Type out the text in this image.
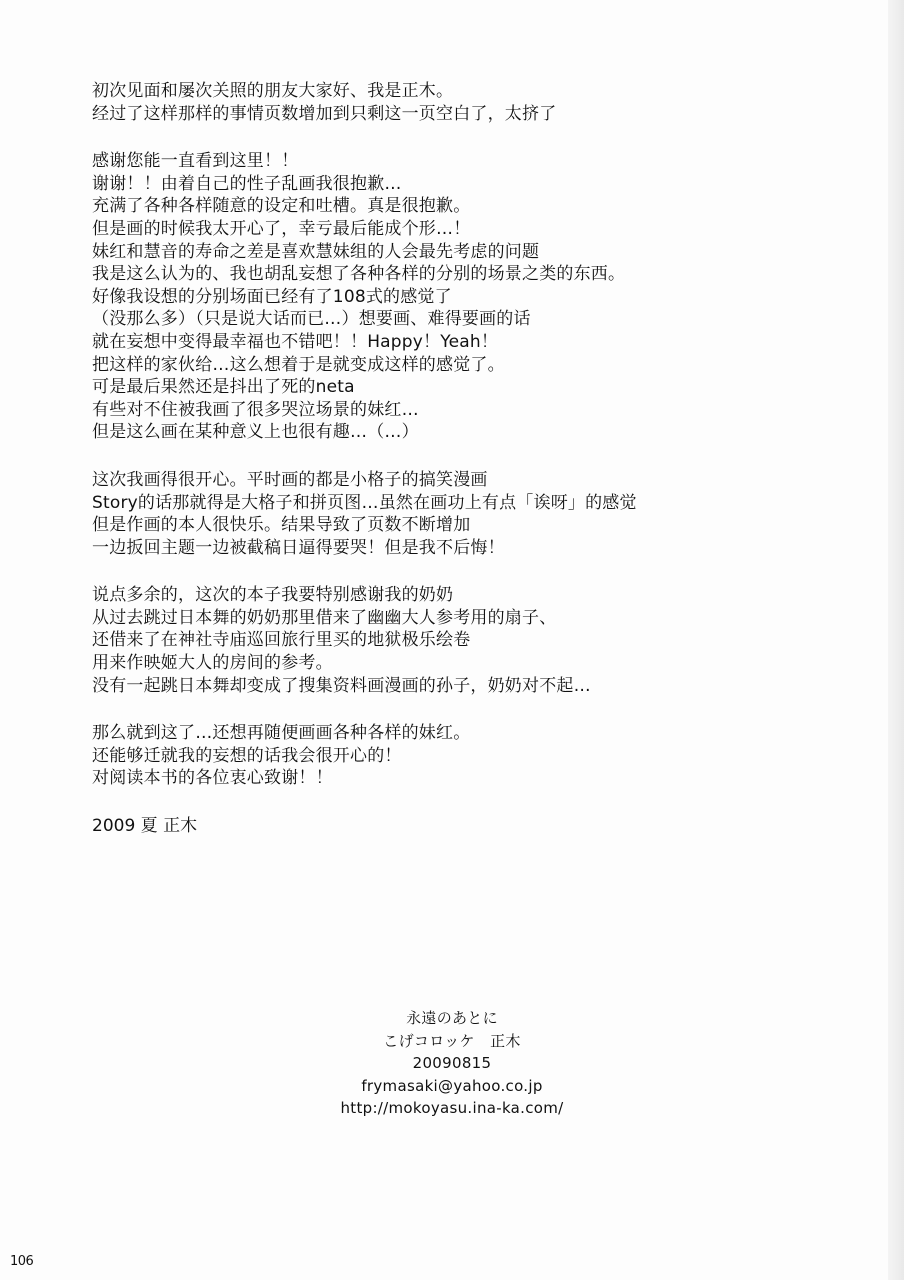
初次见面和屡次关照的朋友大家好、我是正木。
经过了这样那样的事情页数增加到只剩这一页空白了，太挤了
感谢您能一直看到这里！！
谢谢！！由着自己的性子乱画我很抱歉…
充满了各种各样随意的设定和吐槽。真是很抱歉。
但是画的时候我太开心了，幸亏最后能成个形…！
妹红和慧音的寿命之差是喜欢慧妹组的人会最先考虑的问题
我是这么认为的、我也胡乱妄想了各种各样的分别的场景之类的东西。
好像我设想的分别场面已经有了108式的感觉了
（没那么多）（只是说大话而已…）想要画、难得要画的话
就在妄想中变得最幸福也不错吧！！Happy！Yeah！
把这样的家伙给…这么想着于是就变成这样的感觉了。
可是最后果然还是抖出了死的neta
有些对不住被我画了很多哭泣场景的妹红…
但是这么画在某种意义上也很有趣…（…）
这次我画得很开心。平时画的都是小格子的搞笑漫画
Story的话那就得是大格子和拼页图…虽然在画功上有点「诶呀」的感觉
但是作画的本人很快乐。结果导致了页数不断增加
一边扳回主题一边被截稿日逼得要哭！但是我不后悔！
说点多余的，这次的本子我要特别感谢我的奶奶
从过去跳过日本舞的奶奶那里借来了幽幽大人参考用的扇子、
还借来了在神社寺庙巡回旅行里买的地狱极乐绘卷
用来作映姬大人的房间的参考。
没有一起跳日本舞却变成了搜集资料画漫画的孙子，奶奶对不起…
那么就到这了…还想再随便画画各种各样的妹红。
还能够迁就我的妄想的话我会很开心的！
对阅读本书的各位衷心致谢！！
2009 夏 正木
永遠のあとに
こげコロッケ　正木
20090815
frymasaki@yahoo.co.jp
http://mokoyasu.ina-ka.com/
106
